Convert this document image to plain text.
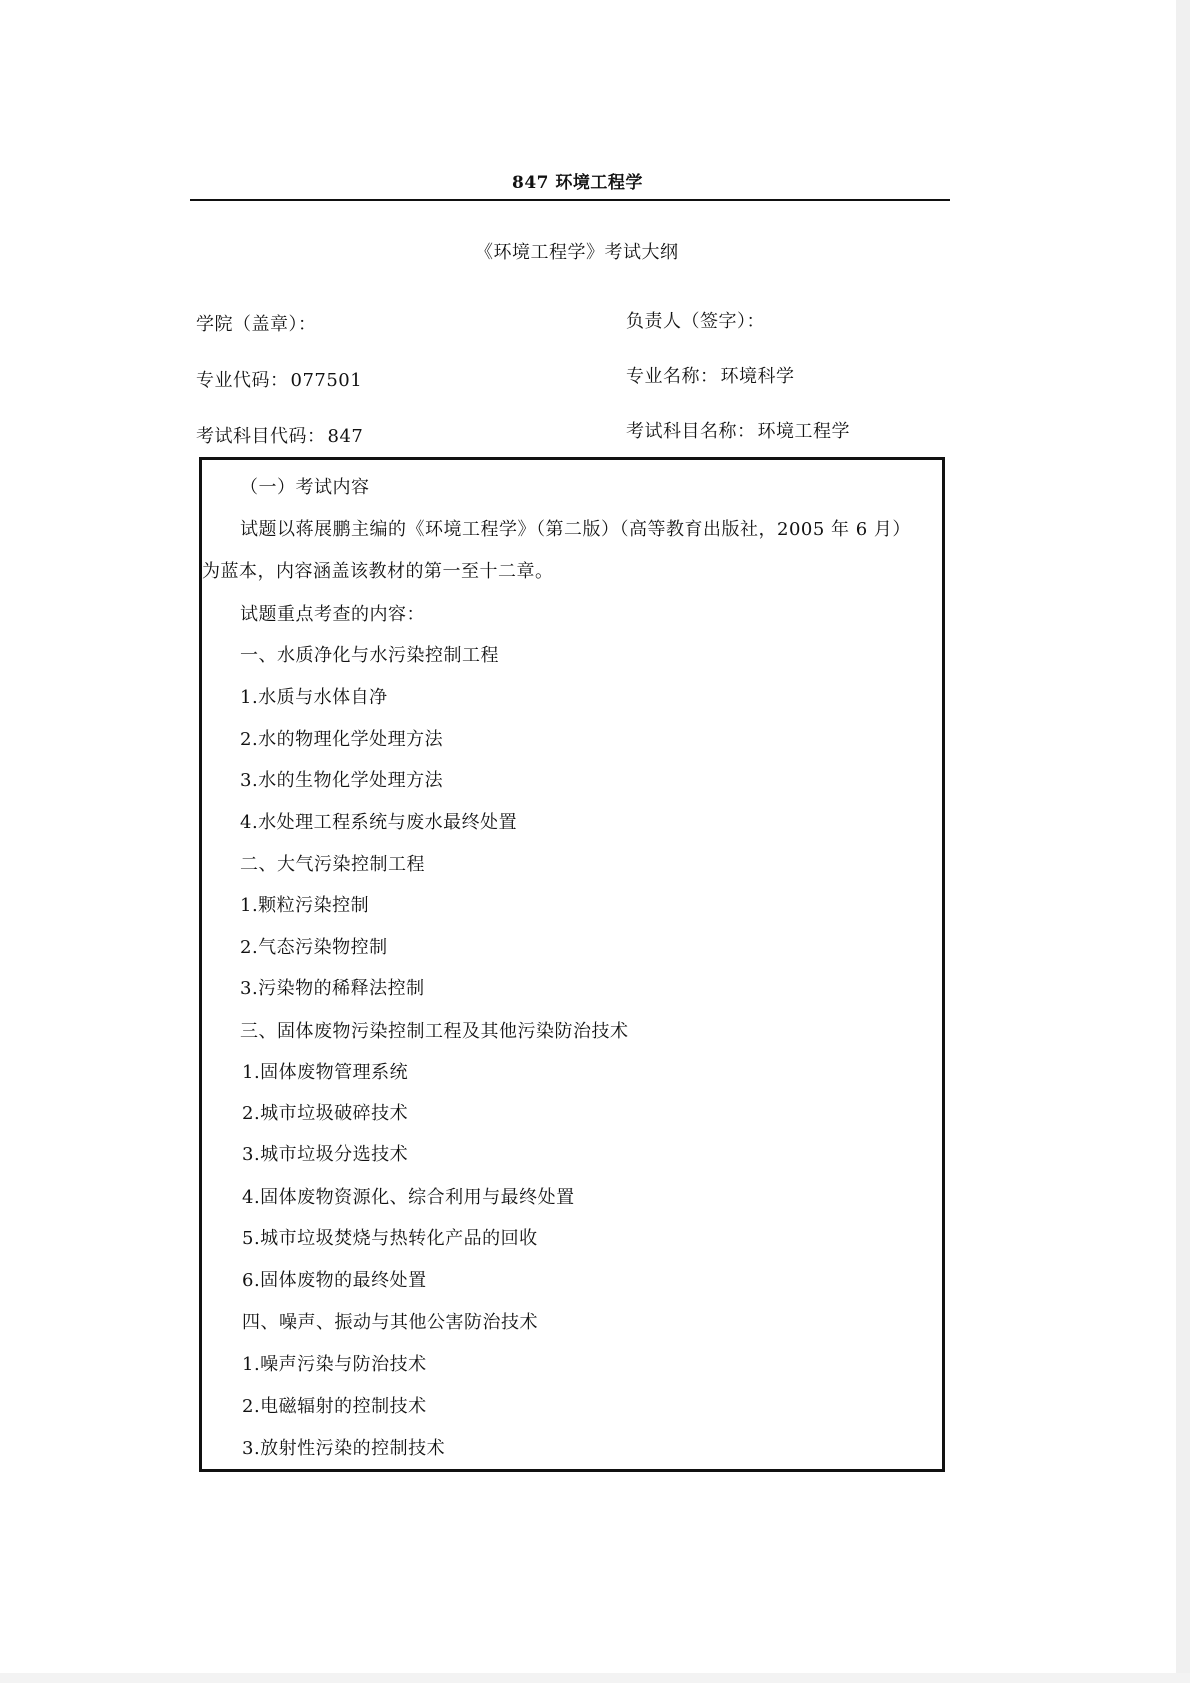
847 环境工程学
《环境工程学》考试大纲
学院（盖章）：	负责人（签字）：
专业代码： 077501	专业名称： 环境科学
考试科目代码： 847	考试科目名称： 环境工程学
（一）考试内容
试题以蒋展鹏主编的《环境工程学》（第二版）（高等教育出版社，2005 年 6 月）
为蓝本，内容涵盖该教材的第一至十二章。
试题重点考查的内容：
一、水质净化与水污染控制工程
1.水质与水体自净
2.水的物理化学处理方法
3.水的生物化学处理方法
4.水处理工程系统与废水最终处置
二、大气污染控制工程
1.颗粒污染控制
2.气态污染物控制
3.污染物的稀释法控制
三、固体废物污染控制工程及其他污染防治技术
1.固体废物管理系统
2.城市垃圾破碎技术
3.城市垃圾分选技术
4.固体废物资源化、综合利用与最终处置
5.城市垃圾焚烧与热转化产品的回收
6.固体废物的最终处置
四、噪声、振动与其他公害防治技术
1.噪声污染与防治技术
2.电磁辐射的控制技术
3.放射性污染的控制技术
